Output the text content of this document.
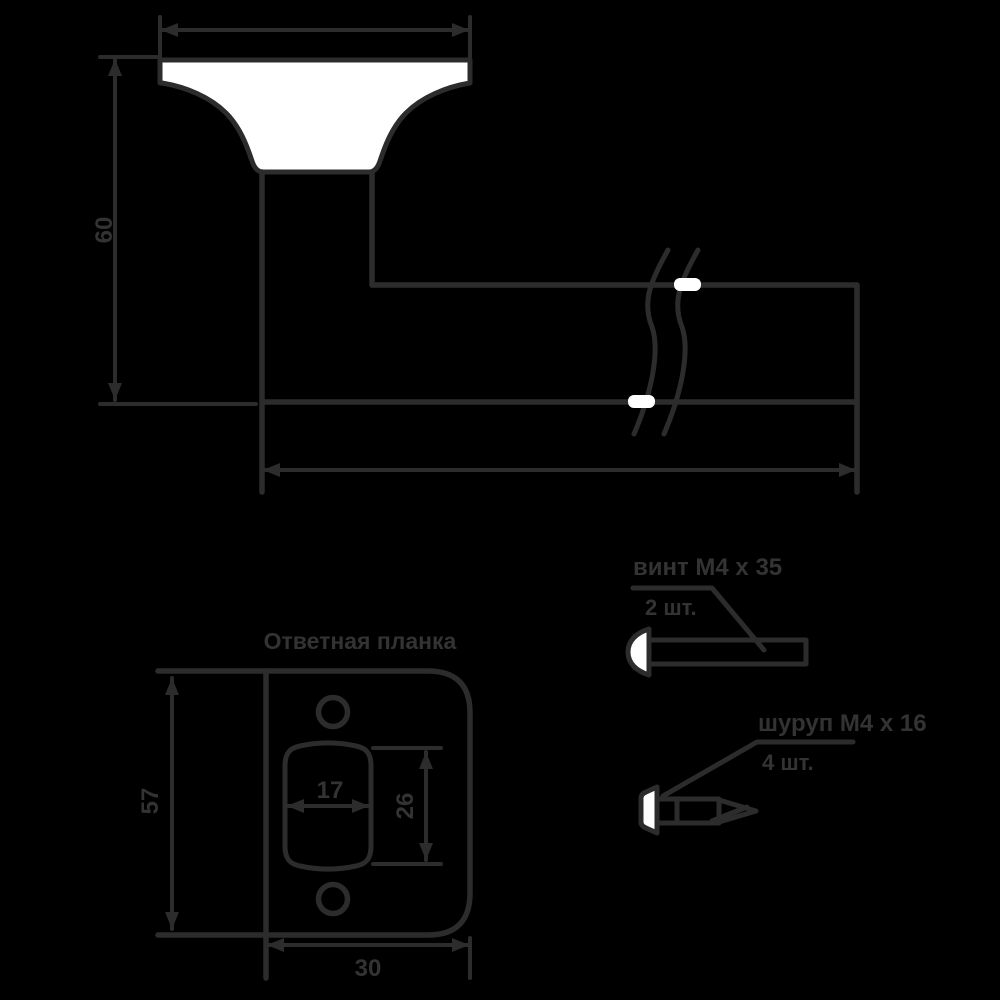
60
Ответная планка
17
26
57
30
винт M4 x 35
2 шт.
шуруп M4 x 16
4 шт.
